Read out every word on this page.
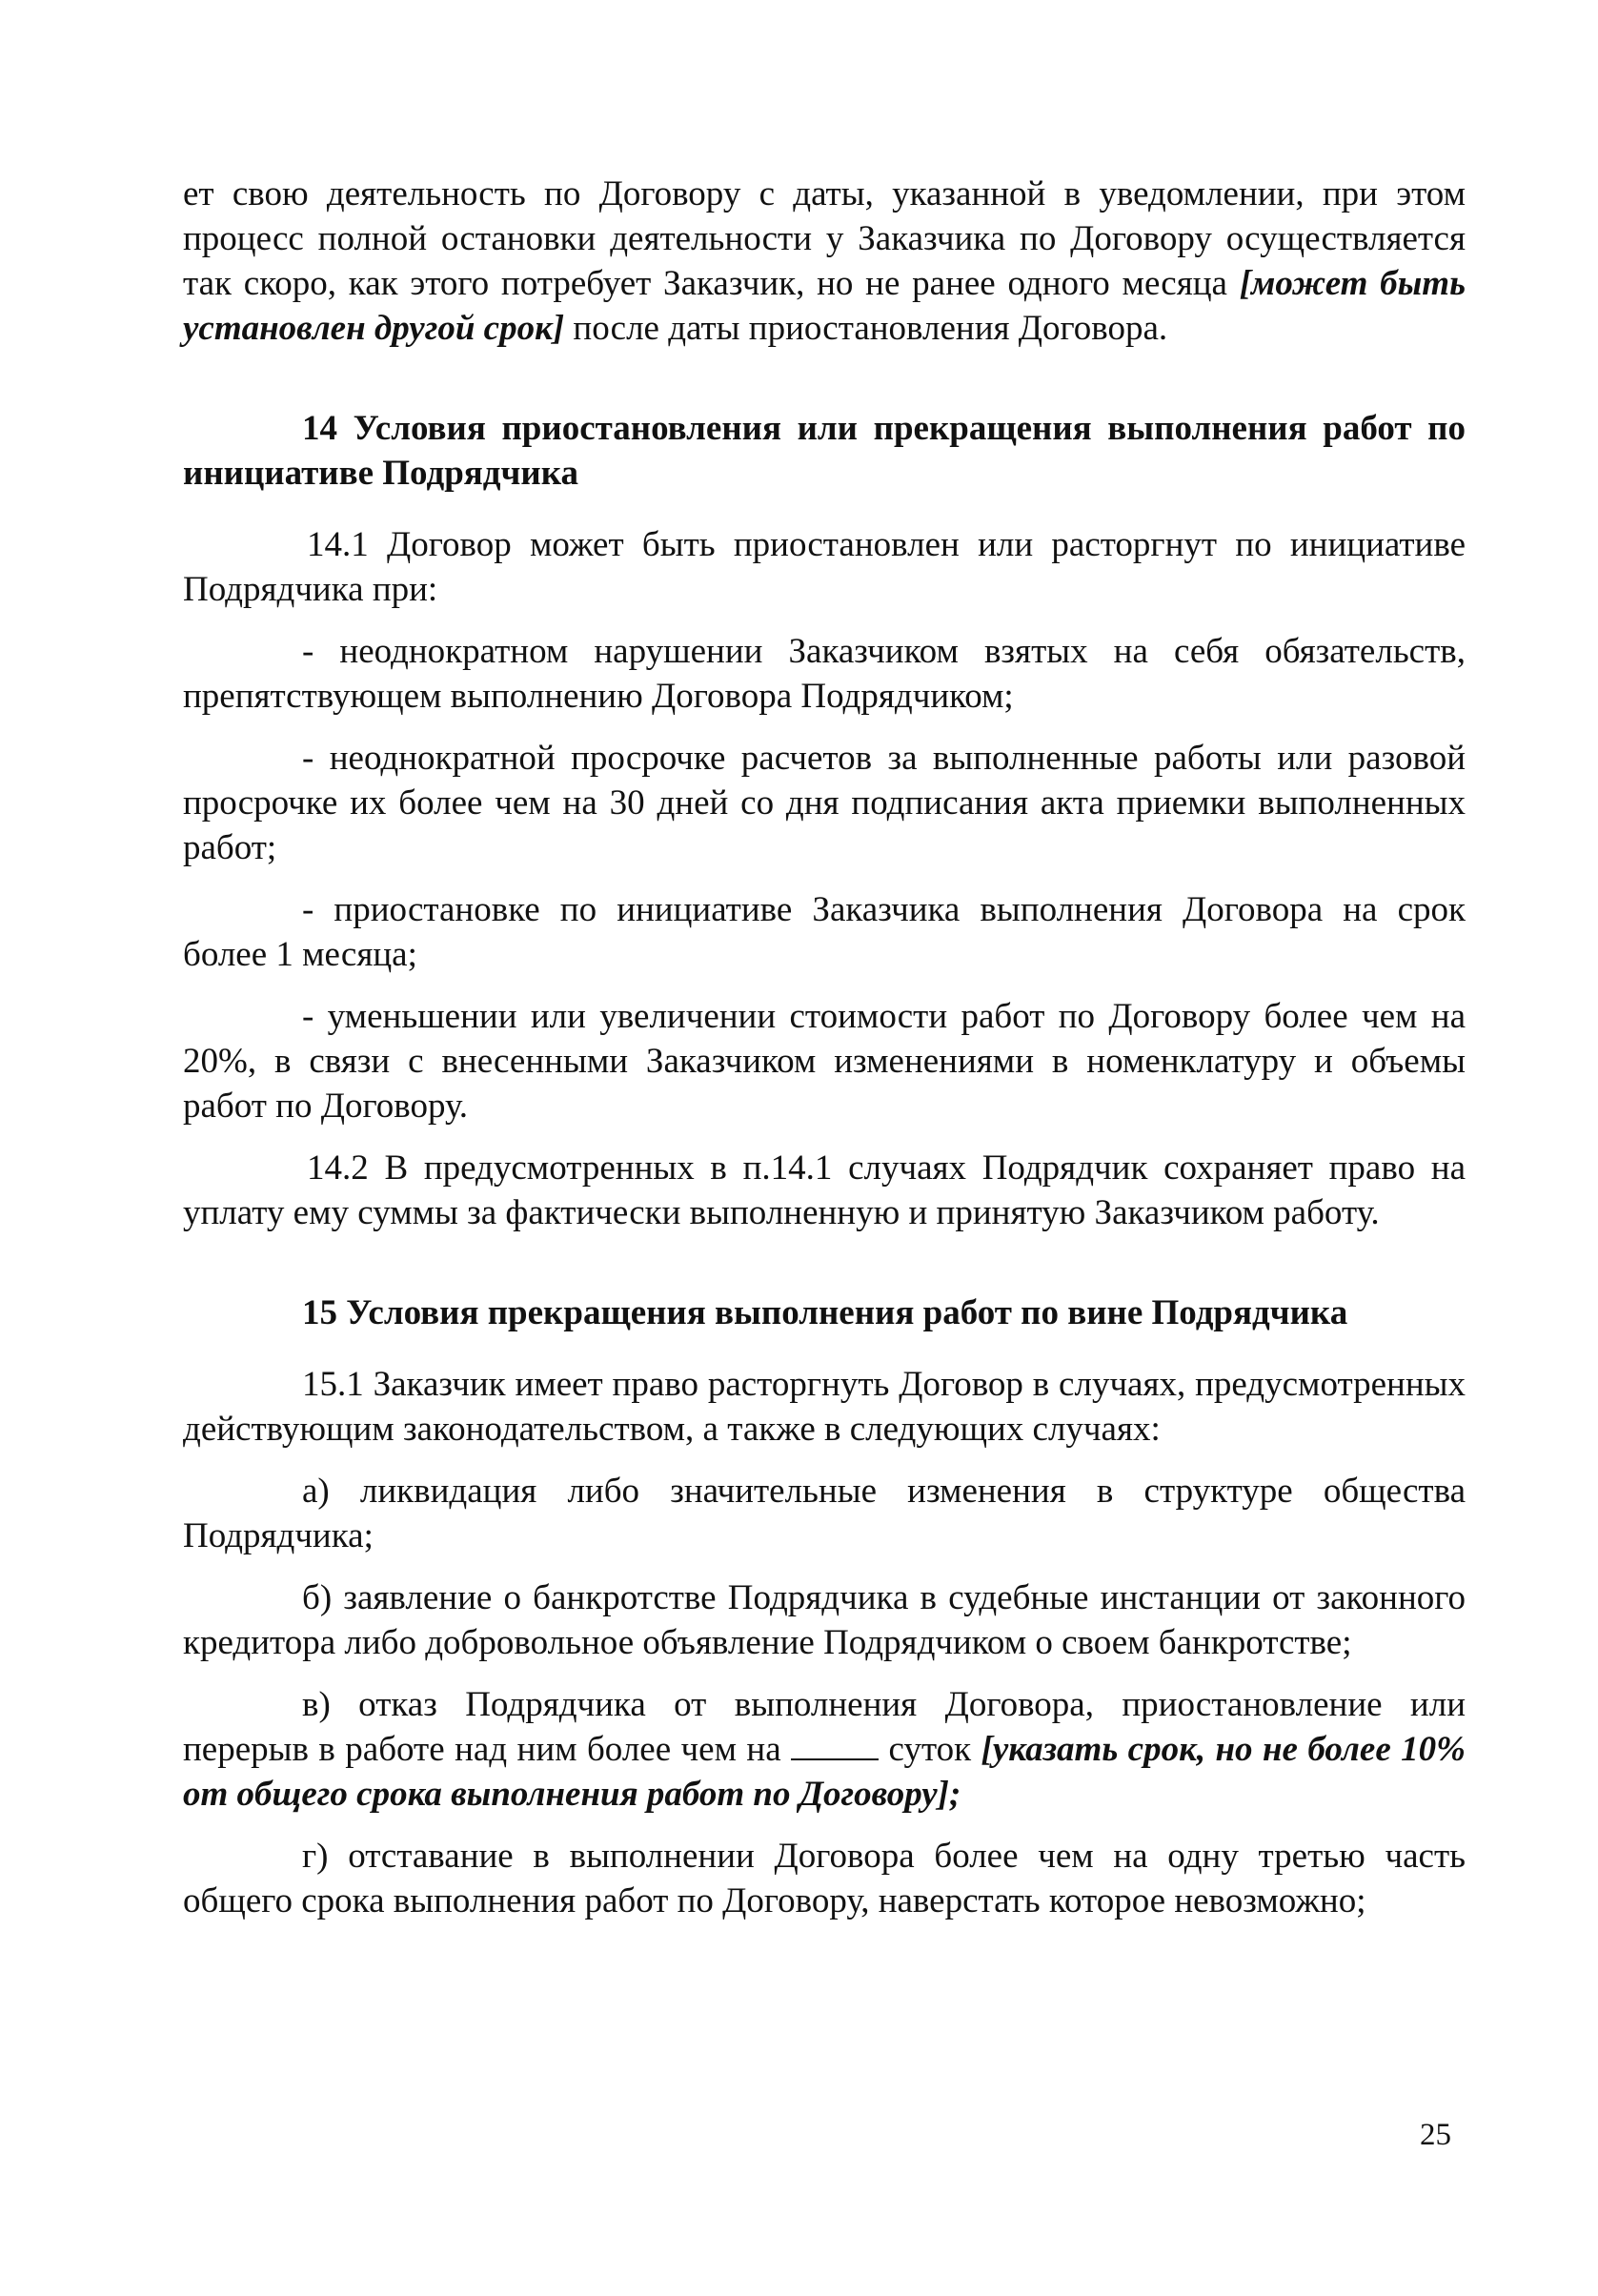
ет свою деятельность по Договору с даты, указанной в уведомлении, при этом процесс полной остановки деятельности у Заказчика по Договору осуществляется так скоро, как этого потребует Заказчик, но не ранее одного месяца [может быть установлен другой срок] после даты приостановления Договора.

14 Условия приостановления или прекращения выполнения работ по инициативе Подрядчика

14.1 Договор может быть приостановлен или расторгнут по инициативе Подрядчика при:

- неоднократном нарушении Заказчиком взятых на себя обязательств, препятствующем выполнению Договора Подрядчиком;

- неоднократной просрочке расчетов за выполненные работы или разовой просрочке их более чем на 30 дней со дня подписания акта приемки выполненных работ;

- приостановке по инициативе Заказчика выполнения Договора на срок более 1 месяца;

- уменьшении или увеличении стоимости работ по Договору более чем на 20%, в связи с внесенными Заказчиком изменениями в номенклатуру и объемы работ по Договору.

14.2 В предусмотренных в п.14.1 случаях Подрядчик сохраняет право на уплату ему суммы за фактически выполненную и принятую Заказчиком работу.

15 Условия прекращения выполнения работ по вине Подрядчика

15.1 Заказчик имеет право расторгнуть Договор в случаях, предусмотренных действующим законодательством, а также в следующих случаях:

а) ликвидация либо значительные изменения в структуре общества Подрядчика;

б) заявление о банкротстве Подрядчика в судебные инстанции от законного кредитора либо добровольное объявление Подрядчиком о своем банкротстве;

в) отказ Подрядчика от выполнения Договора, приостановление или перерыв в работе над ним более чем на  суток [указать срок, но не более 10% от общего срока выполнения работ по Договору];

г) отставание в выполнении Договора более чем на одну третью часть общего срока выполнения работ по Договору, наверстать которое невозможно;

25
